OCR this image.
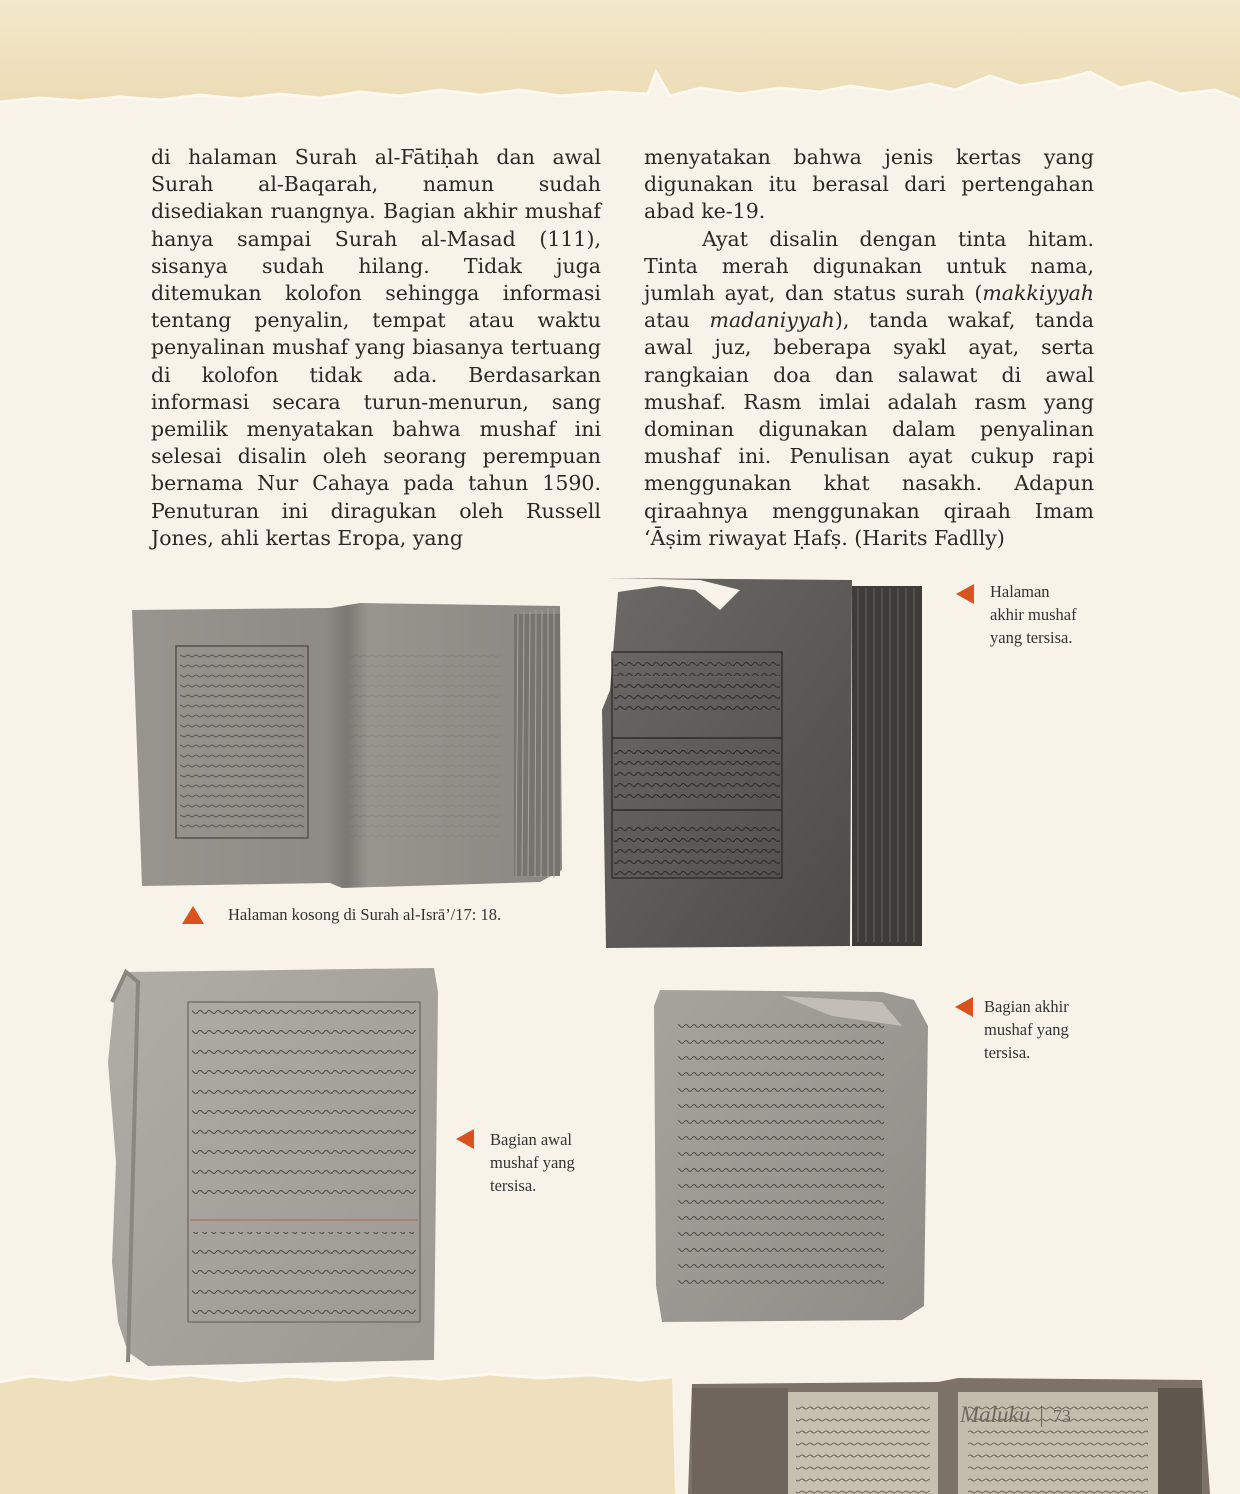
di halaman Surah al-Fātiḥah dan awal Surah al-Baqarah, namun sudah disediakan ruangnya. Bagian akhir mushaf hanya sampai Surah al-Masad (111), sisanya sudah hilang. Tidak juga ditemukan kolofon sehingga informasi tentang penyalin, tempat atau waktu penyalinan mushaf yang biasanya tertuang di kolofon tidak ada. Berdasarkan informasi secara turun-menurun, sang pemilik menyatakan bahwa mushaf ini selesai disalin oleh seorang perempuan bernama Nur Cahaya pada tahun 1590. Penuturan ini diragukan oleh Russell Jones, ahli kertas Eropa, yang

menyatakan bahwa jenis kertas yang digunakan itu berasal dari pertengahan abad ke-19.

Ayat disalin dengan tinta hitam. Tinta merah digunakan untuk nama, jumlah ayat, dan status surah (makkiyyah atau madaniyyah), tanda wakaf, tanda awal juz, beberapa syakl ayat, serta rangkaian doa dan salawat di awal mushaf. Rasm imlai adalah rasm yang dominan digunakan dalam penyalinan mushaf ini. Penulisan ayat cukup rapi menggunakan khat nasakh. Adapun qiraahnya menggunakan qiraah Imam ‘Āṣim riwayat Ḥafṣ. (Harits Fadlly)

Halaman kosong di Surah al-Isrā’/17: 18.
Halaman
akhir mushaf
yang tersisa.
Bagian akhir
mushaf yang
tersisa.
Bagian awal
mushaf yang
tersisa.
Maluku | 73
